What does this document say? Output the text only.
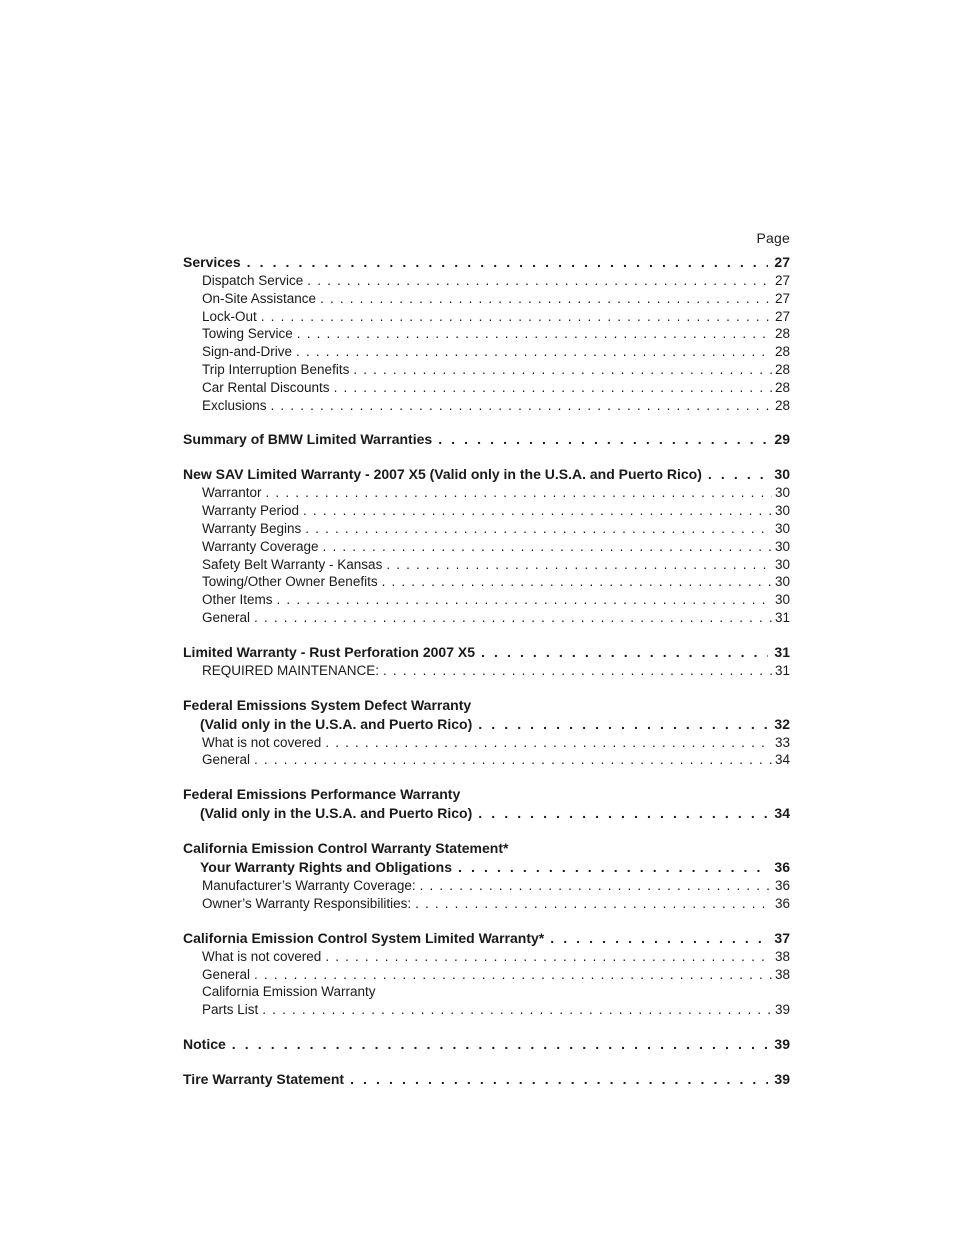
Page
Services . . .	27
Dispatch Service . . .	27
On-Site Assistance . . .	27
Lock-Out . . .	27
Towing Service . . .	28
Sign-and-Drive . . .	28
Trip Interruption Benefits . . .	28
Car Rental Discounts . . .	28
Exclusions . . .	28
Summary of BMW Limited Warranties . . .	29
New SAV Limited Warranty - 2007 X5 (Valid only in the U.S.A. and Puerto Rico) . . .	30
Warrantor . . .	30
Warranty Period . . .	30
Warranty Begins . . .	30
Warranty Coverage . . .	30
Safety Belt Warranty - Kansas . . .	30
Towing/Other Owner Benefits . . .	30
Other Items . . .	30
General . . .	31
Limited Warranty - Rust Perforation 2007 X5 . . .	31
REQUIRED MAINTENANCE: . . .	31
Federal Emissions System Defect Warranty
(Valid only in the U.S.A. and Puerto Rico) . . .	32
What is not covered . . .	33
General . . .	34
Federal Emissions Performance Warranty
(Valid only in the U.S.A. and Puerto Rico) . . .	34
California Emission Control Warranty Statement*
Your Warranty Rights and Obligations . . .	36
Manufacturer’s Warranty Coverage: . . .	36
Owner’s Warranty Responsibilities: . . .	36
California Emission Control System Limited Warranty* . . .	37
What is not covered . . .	38
General . . .	38
California Emission Warranty
Parts List . . .	39
Notice . . .	39
Tire Warranty Statement . . .	39
